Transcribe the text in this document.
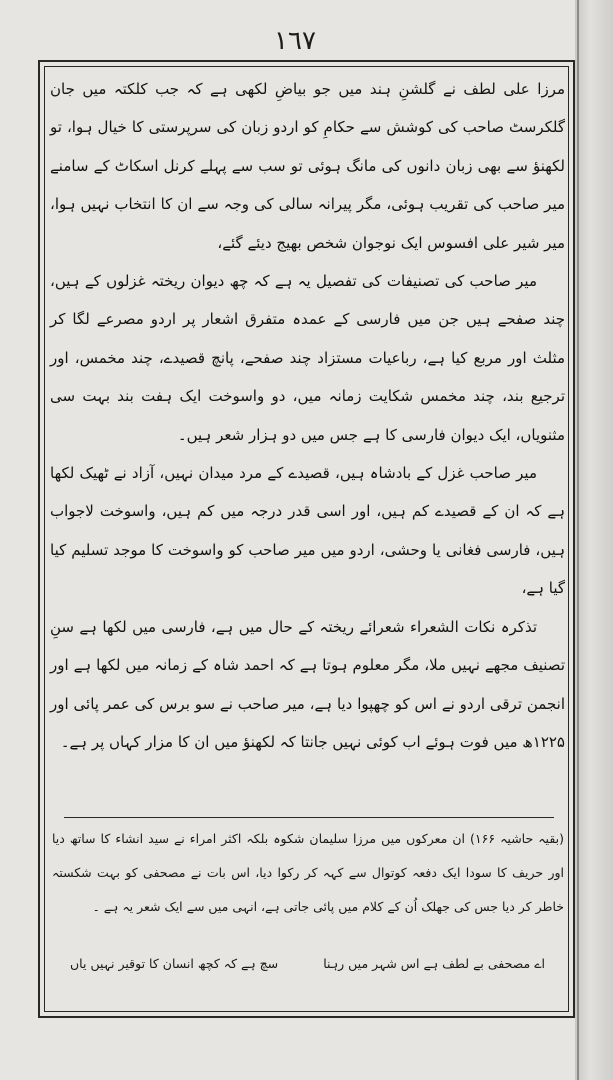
١٦٧

مرزا علی لطف نے گلشنِ ہند میں جو بیاضِ لکھی ہے کہ جب کلکتہ میں جان گلکرسٹ صاحب کی کوشش سے حکامِ کو اردو زبان کی سرپرستی کا خیال ہوا، تو لکھنؤ سے بھی زبان دانوں کی مانگ ہوئی تو سب سے پہلے کرنل اسکاٹ کے سامنے میر صاحب کی تقریب ہوئی، مگر پیرانہ سالی کی وجہ سے ان کا انتخاب نہیں ہوا، میر شیر علی افسوس ایک نوجوان شخص بھیج دیئے گئے،

میر صاحب کی تصنیفات کی تفصیل یہ ہے کہ چھ دیوان ریختہ غزلوں کے ہیں، چند صفحے ہیں جن میں فارسی کے عمدہ متفرق اشعار پر اردو مصرعے لگا کر مثلث اور مربع کیا ہے، رباعیات مستزاد چند صفحے، پانچ قصیدے، چند مخمس، اور ترجیع بند، چند مخمس شکایت زمانہ میں، دو واسوخت ایک ہفت بند بہت سی مثنویاں، ایک دیوان فارسی کا ہے جس میں دو ہزار شعر ہیں۔

میر صاحب غزل کے بادشاہ ہیں، قصیدے کے مرد میدان نہیں، آزاد نے ٹھیک لکھا ہے کہ ان کے قصیدے کم ہیں، اور اسی قدر درجہ میں کم ہیں، واسوخت لاجواب ہیں، فارسی فغانی یا وحشی، اردو میں میر صاحب کو واسوخت کا موجد تسلیم کیا گیا ہے،

تذکرہ نکات الشعراء شعرائے ریختہ کے حال میں ہے، فارسی میں لکھا ہے سنِ تصنیف مجھے نہیں ملا، مگر معلوم ہوتا ہے کہ احمد شاہ کے زمانہ میں لکھا ہے اور انجمن ترقی اردو نے اس کو چھپوا دیا ہے، میر صاحب نے سو برس کی عمر پائی اور ۱۲۲۵ھ میں فوت ہوئے اب کوئی نہیں جانتا کہ لکھنؤ میں ان کا مزار کہاں پر ہے۔

(بقیہ حاشیہ ۱۶۶) ان معرکوں میں مرزا سلیمان شکوہ بلکہ اکثر امراء نے سید انشاء کا ساتھ دیا اور حریف کا سودا ایک دفعہ کوتوال سے کہہ کر رکوا دیا، اس بات نے مصحفی کو بہت شکستہ خاطر کر دیا جس کی جھلک اُن کے کلام میں پائی جاتی ہے، انہی میں سے ایک شعر یہ ہے ۔

اے مصحفی بے لطف ہے اس شہر میں رہنا
سچ ہے کہ کچھ انسان کا توقیر نہیں یاں
